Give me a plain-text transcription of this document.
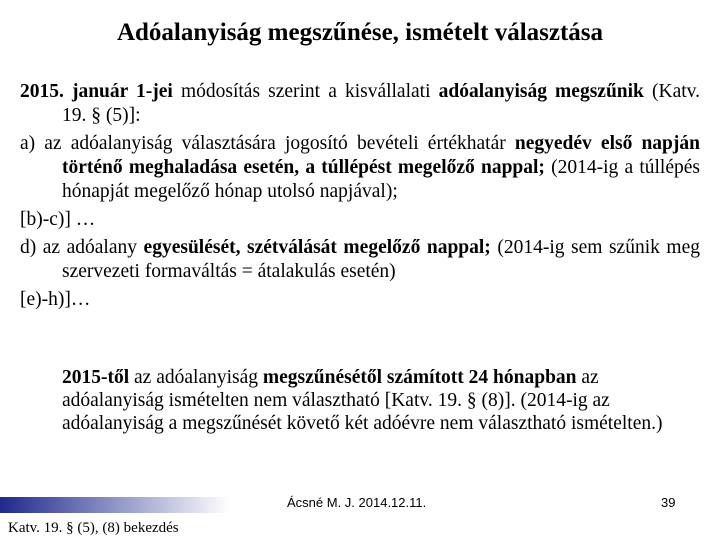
Adóalanyiság megszűnése, ismételt választása

2015. január 1-jei módosítás szerint a kisvállalati adóalanyiság megszűnik (Katv. 19. § (5)]:

a) az adóalanyiság választására jogosító bevételi értékhatár negyedév első napján történő meghaladása esetén, a túllépést megelőző nappal; (2014-ig a túllépés hónapját megelőző hónap utolsó napjával);

[b)-c)] …

d) az adóalany egyesülését, szétválását megelőző nappal; (2014-ig sem szűnik meg szervezeti formaváltás = átalakulás esetén)

[e)-h)]…

2015-től az adóalanyiság megszűnésétől számított 24 hónapban az adóalanyiság ismételten nem választható [Katv. 19. § (8)]. (2014-ig az adóalanyiság a megszűnését követő két adóévre nem választható ismételten.)
Ácsné M. J. 2014.12.11.	39
Katv. 19. § (5), (8) bekezdés
